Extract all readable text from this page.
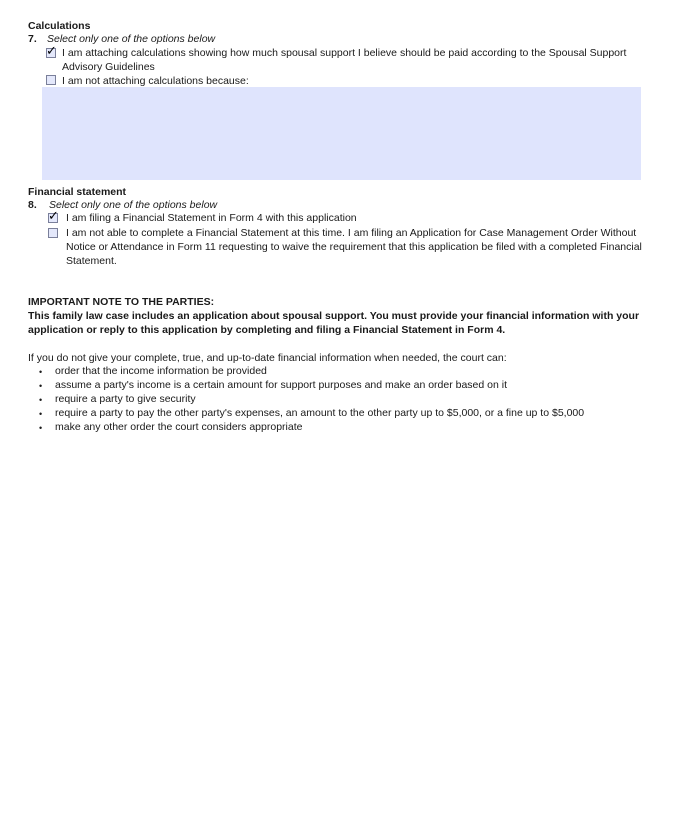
Calculations
7. Select only one of the options below
✓ I am attaching calculations showing how much spousal support I believe should be paid according to the Spousal Support
Advisory Guidelines
I am not attaching calculations because:
Financial statement
8. Select only one of the options below
✓ I am filing a Financial Statement in Form 4 with this application
I am not able to complete a Financial Statement at this time. I am filing an Application for Case Management Order Without
Notice or Attendance in Form 11 requesting to waive the requirement that this application be filed with a completed Financial
Statement.
IMPORTANT NOTE TO THE PARTIES:
This family law case includes an application about spousal support. You must provide your financial information with your
application or reply to this application by completing and filing a Financial Statement in Form 4.
If you do not give your complete, true, and up-to-date financial information when needed, the court can:
• order that the income information be provided
• assume a party's income is a certain amount for support purposes and make an order based on it
• require a party to give security
• require a party to pay the other party's expenses, an amount to the other party up to $5,000, or a fine up to $5,000
• make any other order the court considers appropriate
